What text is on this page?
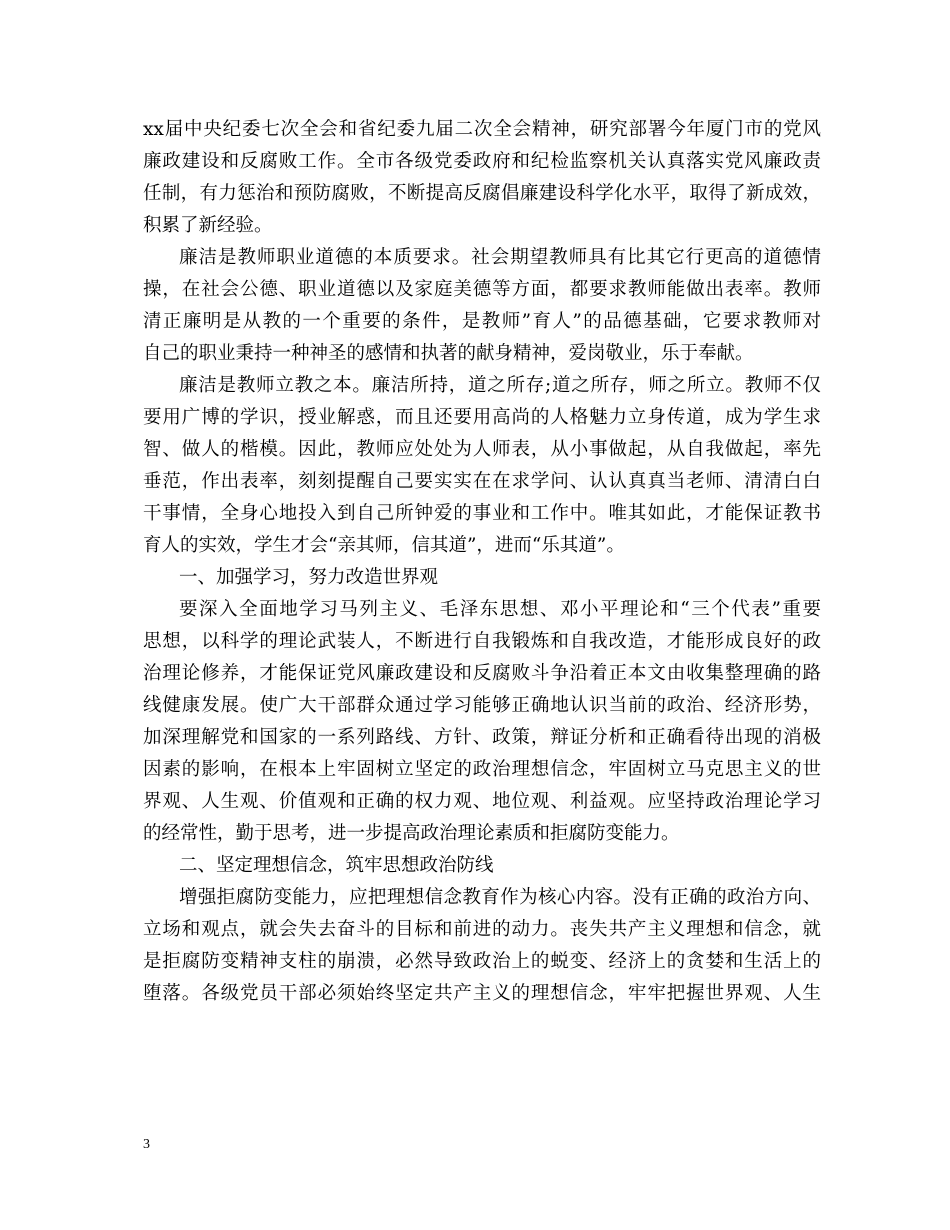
xx届中央纪委七次全会和省纪委九届二次全会精神，研究部署今年厦门市的党风
廉政建设和反腐败工作。全市各级党委政府和纪检监察机关认真落实党风廉政责
任制，有力惩治和预防腐败，不断提高反腐倡廉建设科学化水平，取得了新成效，
积累了新经验。
廉洁是教师职业道德的本质要求。社会期望教师具有比其它行更高的道德情
操，在社会公德、职业道德以及家庭美德等方面，都要求教师能做出表率。教师
清正廉明是从教的一个重要的条件，是教师”育人”的品德基础，它要求教师对
自己的职业秉持一种神圣的感情和执著的献身精神，爱岗敬业，乐于奉献。
廉洁是教师立教之本。廉洁所持，道之所存;道之所存，师之所立。教师不仅
要用广博的学识，授业解惑，而且还要用高尚的人格魅力立身传道，成为学生求
智、做人的楷模。因此，教师应处处为人师表，从小事做起，从自我做起，率先
垂范，作出表率，刻刻提醒自己要实实在在求学问、认认真真当老师、清清白白
干事情，全身心地投入到自己所钟爱的事业和工作中。唯其如此，才能保证教书
育人的实效，学生才会“亲其师，信其道”，进而“乐其道”。
一、加强学习，努力改造世界观
要深入全面地学习马列主义、毛泽东思想、邓小平理论和“三个代表”重要
思想，以科学的理论武装人，不断进行自我锻炼和自我改造，才能形成良好的政
治理论修养，才能保证党风廉政建设和反腐败斗争沿着正本文由收集整理确的路
线健康发展。使广大干部群众通过学习能够正确地认识当前的政治、经济形势，
加深理解党和国家的一系列路线、方针、政策，辩证分析和正确看待出现的消极
因素的影响，在根本上牢固树立坚定的政治理想信念，牢固树立马克思主义的世
界观、人生观、价值观和正确的权力观、地位观、利益观。应坚持政治理论学习
的经常性，勤于思考，进一步提高政治理论素质和拒腐防变能力。
二、坚定理想信念，筑牢思想政治防线
增强拒腐防变能力，应把理想信念教育作为核心内容。没有正确的政治方向、
立场和观点，就会失去奋斗的目标和前进的动力。丧失共产主义理想和信念，就
是拒腐防变精神支柱的崩溃，必然导致政治上的蜕变、经济上的贪婪和生活上的
堕落。各级党员干部必须始终坚定共产主义的理想信念，牢牢把握世界观、人生
3
